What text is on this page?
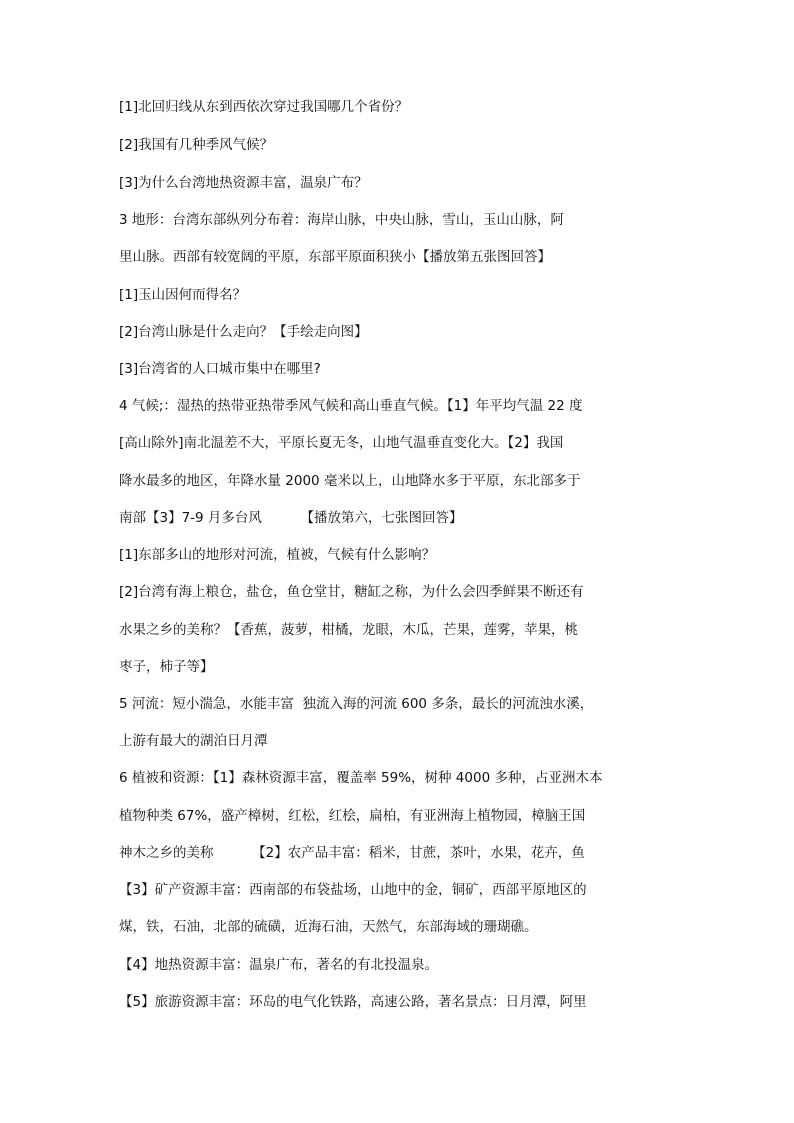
[1]北回归线从东到西依次穿过我国哪几个省份？
[2]我国有几种季风气候？
[3]为什么台湾地热资源丰富，温泉广布？
3 地形：台湾东部纵列分布着：海岸山脉，中央山脉，雪山，玉山山脉，阿
里山脉。西部有较宽阔的平原，东部平原面积狭小【播放第五张图回答】
[1]玉山因何而得名？
[2]台湾山脉是什么走向？【手绘走向图】
[3]台湾省的人口城市集中在哪里?
4 气候;：湿热的热带亚热带季风气候和高山垂直气候。【1】年平均气温 22 度
[高山除外]南北温差不大，平原长夏无冬，山地气温垂直变化大。【2】我国
降水最多的地区，年降水量 2000 毫米以上，山地降水多于平原，东北部多于
南部【3】7-9 月多台风         【播放第六，七张图回答】
[1]东部多山的地形对河流，植被，气候有什么影响？
[2]台湾有海上粮仓，盐仓，鱼仓堂甘，糖缸之称，为什么会四季鲜果不断还有
水果之乡的美称？【香蕉，菠萝，柑橘，龙眼，木瓜，芒果，莲雾，苹果，桃
枣子，柿子等】
5 河流：短小湍急，水能丰富  独流入海的河流 600 多条，最长的河流浊水溪，
上游有最大的湖泊日月潭
6 植被和资源：【1】森林资源丰富，覆盖率 59%，树种 4000 多种，占亚洲木本
植物种类 67%，盛产樟树，红松，红桧，扁柏，有亚洲海上植物园，樟脑王国
神木之乡的美称         【2】农产品丰富：稻米，甘蔗，茶叶，水果，花卉，鱼
【3】矿产资源丰富：西南部的布袋盐场，山地中的金，铜矿，西部平原地区的
煤，铁，石油，北部的硫磺，近海石油，天然气，东部海域的珊瑚礁。
【4】地热资源丰富：温泉广布，著名的有北投温泉。
【5】旅游资源丰富：环岛的电气化铁路，高速公路，著名景点：日月潭，阿里
